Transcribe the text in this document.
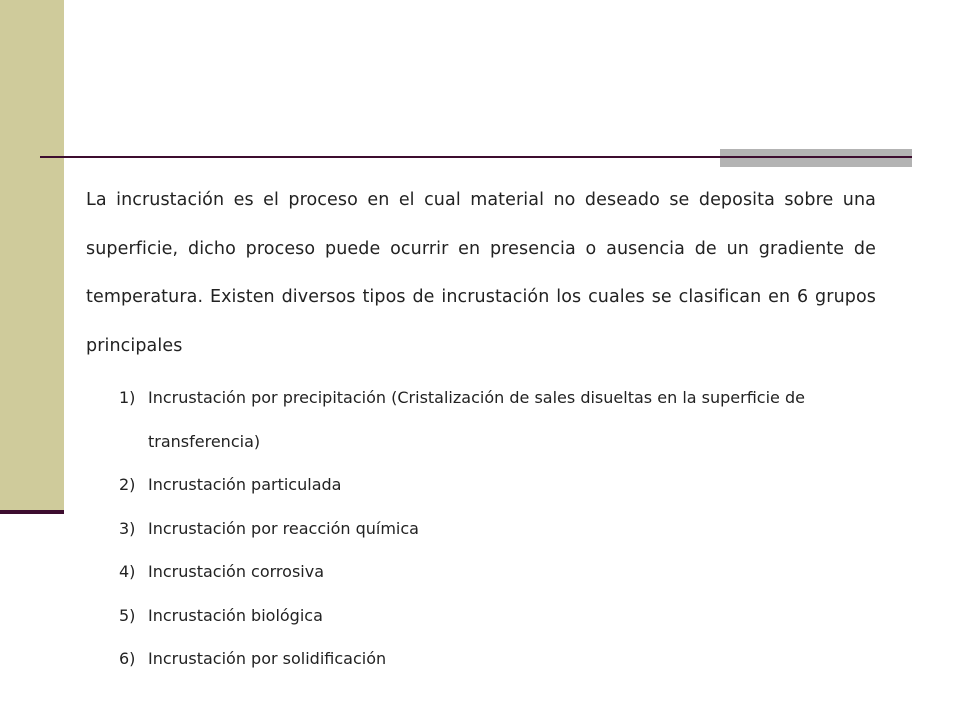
La incrustación es el proceso en el cual material no deseado se deposita sobre una superficie, dicho proceso puede ocurrir en presencia o ausencia de un gradiente de temperatura. Existen diversos tipos de incrustación los cuales se clasifican en 6 grupos principales

1) Incrustación por precipitación (Cristalización de sales disueltas en la superficie de transferencia)
2) Incrustación particulada
3) Incrustación por reacción química
4) Incrustación corrosiva
5) Incrustación biológica
6) Incrustación por solidificación
